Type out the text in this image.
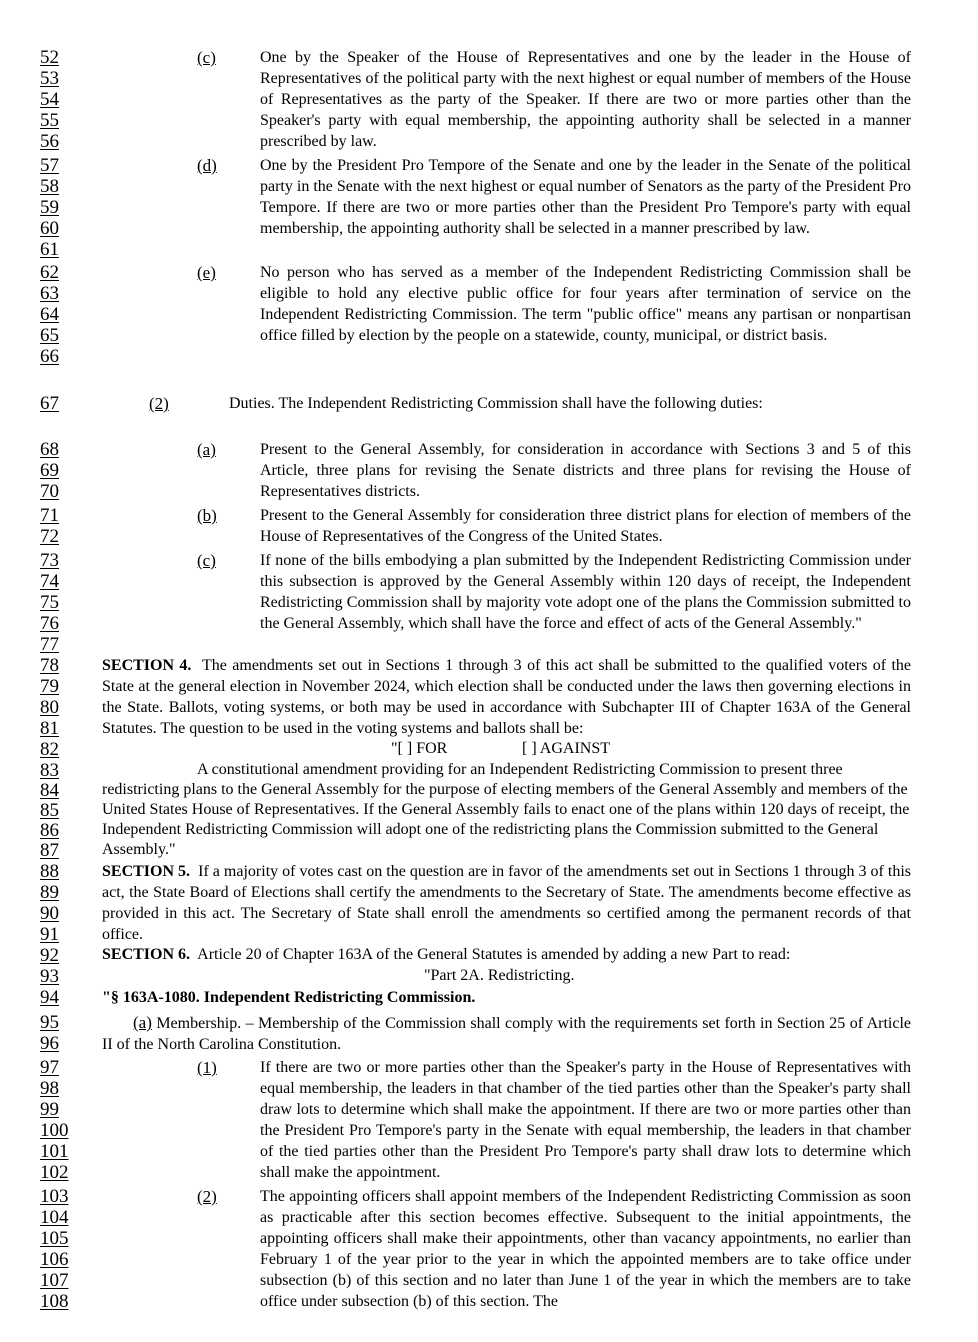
52
53
54
55
56
57
58
59
60
61
62
63
64
65
66
67
68
69
70
71
72
73
74
75
76
77
78
79
80
81
82
83
84
85
86
87
88
89
90
91
92
93
94
95
96
97
98
99
100
101
102
103
104
105
106
107
108
(c)	One by the Speaker of the House of Representatives and one by the leader in the House of Representatives of the political party with the next highest or equal number of members of the House of Representatives as the party of the Speaker. If there are two or more parties other than the Speaker's party with equal membership, the appointing authority shall be selected in a manner prescribed by law.
(d)	One by the President Pro Tempore of the Senate and one by the leader in the Senate of the political party in the Senate with the next highest or equal number of Senators as the party of the President Pro Tempore. If there are two or more parties other than the President Pro Tempore's party with equal membership, the appointing authority shall be selected in a manner prescribed by law.
(e)	No person who has served as a member of the Independent Redistricting Commission shall be eligible to hold any elective public office for four years after termination of service on the Independent Redistricting Commission. The term "public office" means any partisan or nonpartisan office filled by election by the people on a statewide, county, municipal, or district basis.
(2)	Duties. The Independent Redistricting Commission shall have the following duties:
(a)	Present to the General Assembly, for consideration in accordance with Sections 3 and 5 of this Article, three plans for revising the Senate districts and three plans for revising the House of Representatives districts.
(b)	Present to the General Assembly for consideration three district plans for election of members of the House of Representatives of the Congress of the United States.
(c)	If none of the bills embodying a plan submitted by the Independent Redistricting Commission under this subsection is approved by the General Assembly within 120 days of receipt, the Independent Redistricting Commission shall by majority vote adopt one of the plans the Commission submitted to the General Assembly, which shall have the force and effect of acts of the General Assembly."
SECTION 4. The amendments set out in Sections 1 through 3 of this act shall be submitted to the qualified voters of the State at the general election in November 2024, which election shall be conducted under the laws then governing elections in the State. Ballots, voting systems, or both may be used in accordance with Subchapter III of Chapter 163A of the General Statutes. The question to be used in the voting systems and ballots shall be:
"[ ] FOR	[ ] AGAINST
A constitutional amendment providing for an Independent Redistricting Commission to present three redistricting plans to the General Assembly for the purpose of electing members of the General Assembly and members of the United States House of Representatives. If the General Assembly fails to enact one of the plans within 120 days of receipt, the Independent Redistricting Commission will adopt one of the redistricting plans the Commission submitted to the General Assembly."
SECTION 5. If a majority of votes cast on the question are in favor of the amendments set out in Sections 1 through 3 of this act, the State Board of Elections shall certify the amendments to the Secretary of State. The amendments become effective as provided in this act. The Secretary of State shall enroll the amendments so certified among the permanent records of that office.
SECTION 6. Article 20 of Chapter 163A of the General Statutes is amended by adding a new Part to read:
"Part 2A. Redistricting.
"§ 163A-1080. Independent Redistricting Commission.
(a) Membership. – Membership of the Commission shall comply with the requirements set forth in Section 25 of Article II of the North Carolina Constitution.
(1)	If there are two or more parties other than the Speaker's party in the House of Representatives with equal membership, the leaders in that chamber of the tied parties other than the Speaker's party shall draw lots to determine which shall make the appointment. If there are two or more parties other than the President Pro Tempore's party in the Senate with equal membership, the leaders in that chamber of the tied parties other than the President Pro Tempore's party shall draw lots to determine which shall make the appointment.
(2)	The appointing officers shall appoint members of the Independent Redistricting Commission as soon as practicable after this section becomes effective. Subsequent to the initial appointments, the appointing officers shall make their appointments, other than vacancy appointments, no earlier than February 1 of the year prior to the year in which the appointed members are to take office under subsection (b) of this section and no later than June 1 of the year in which the members are to take office under subsection (b) of this section. The
